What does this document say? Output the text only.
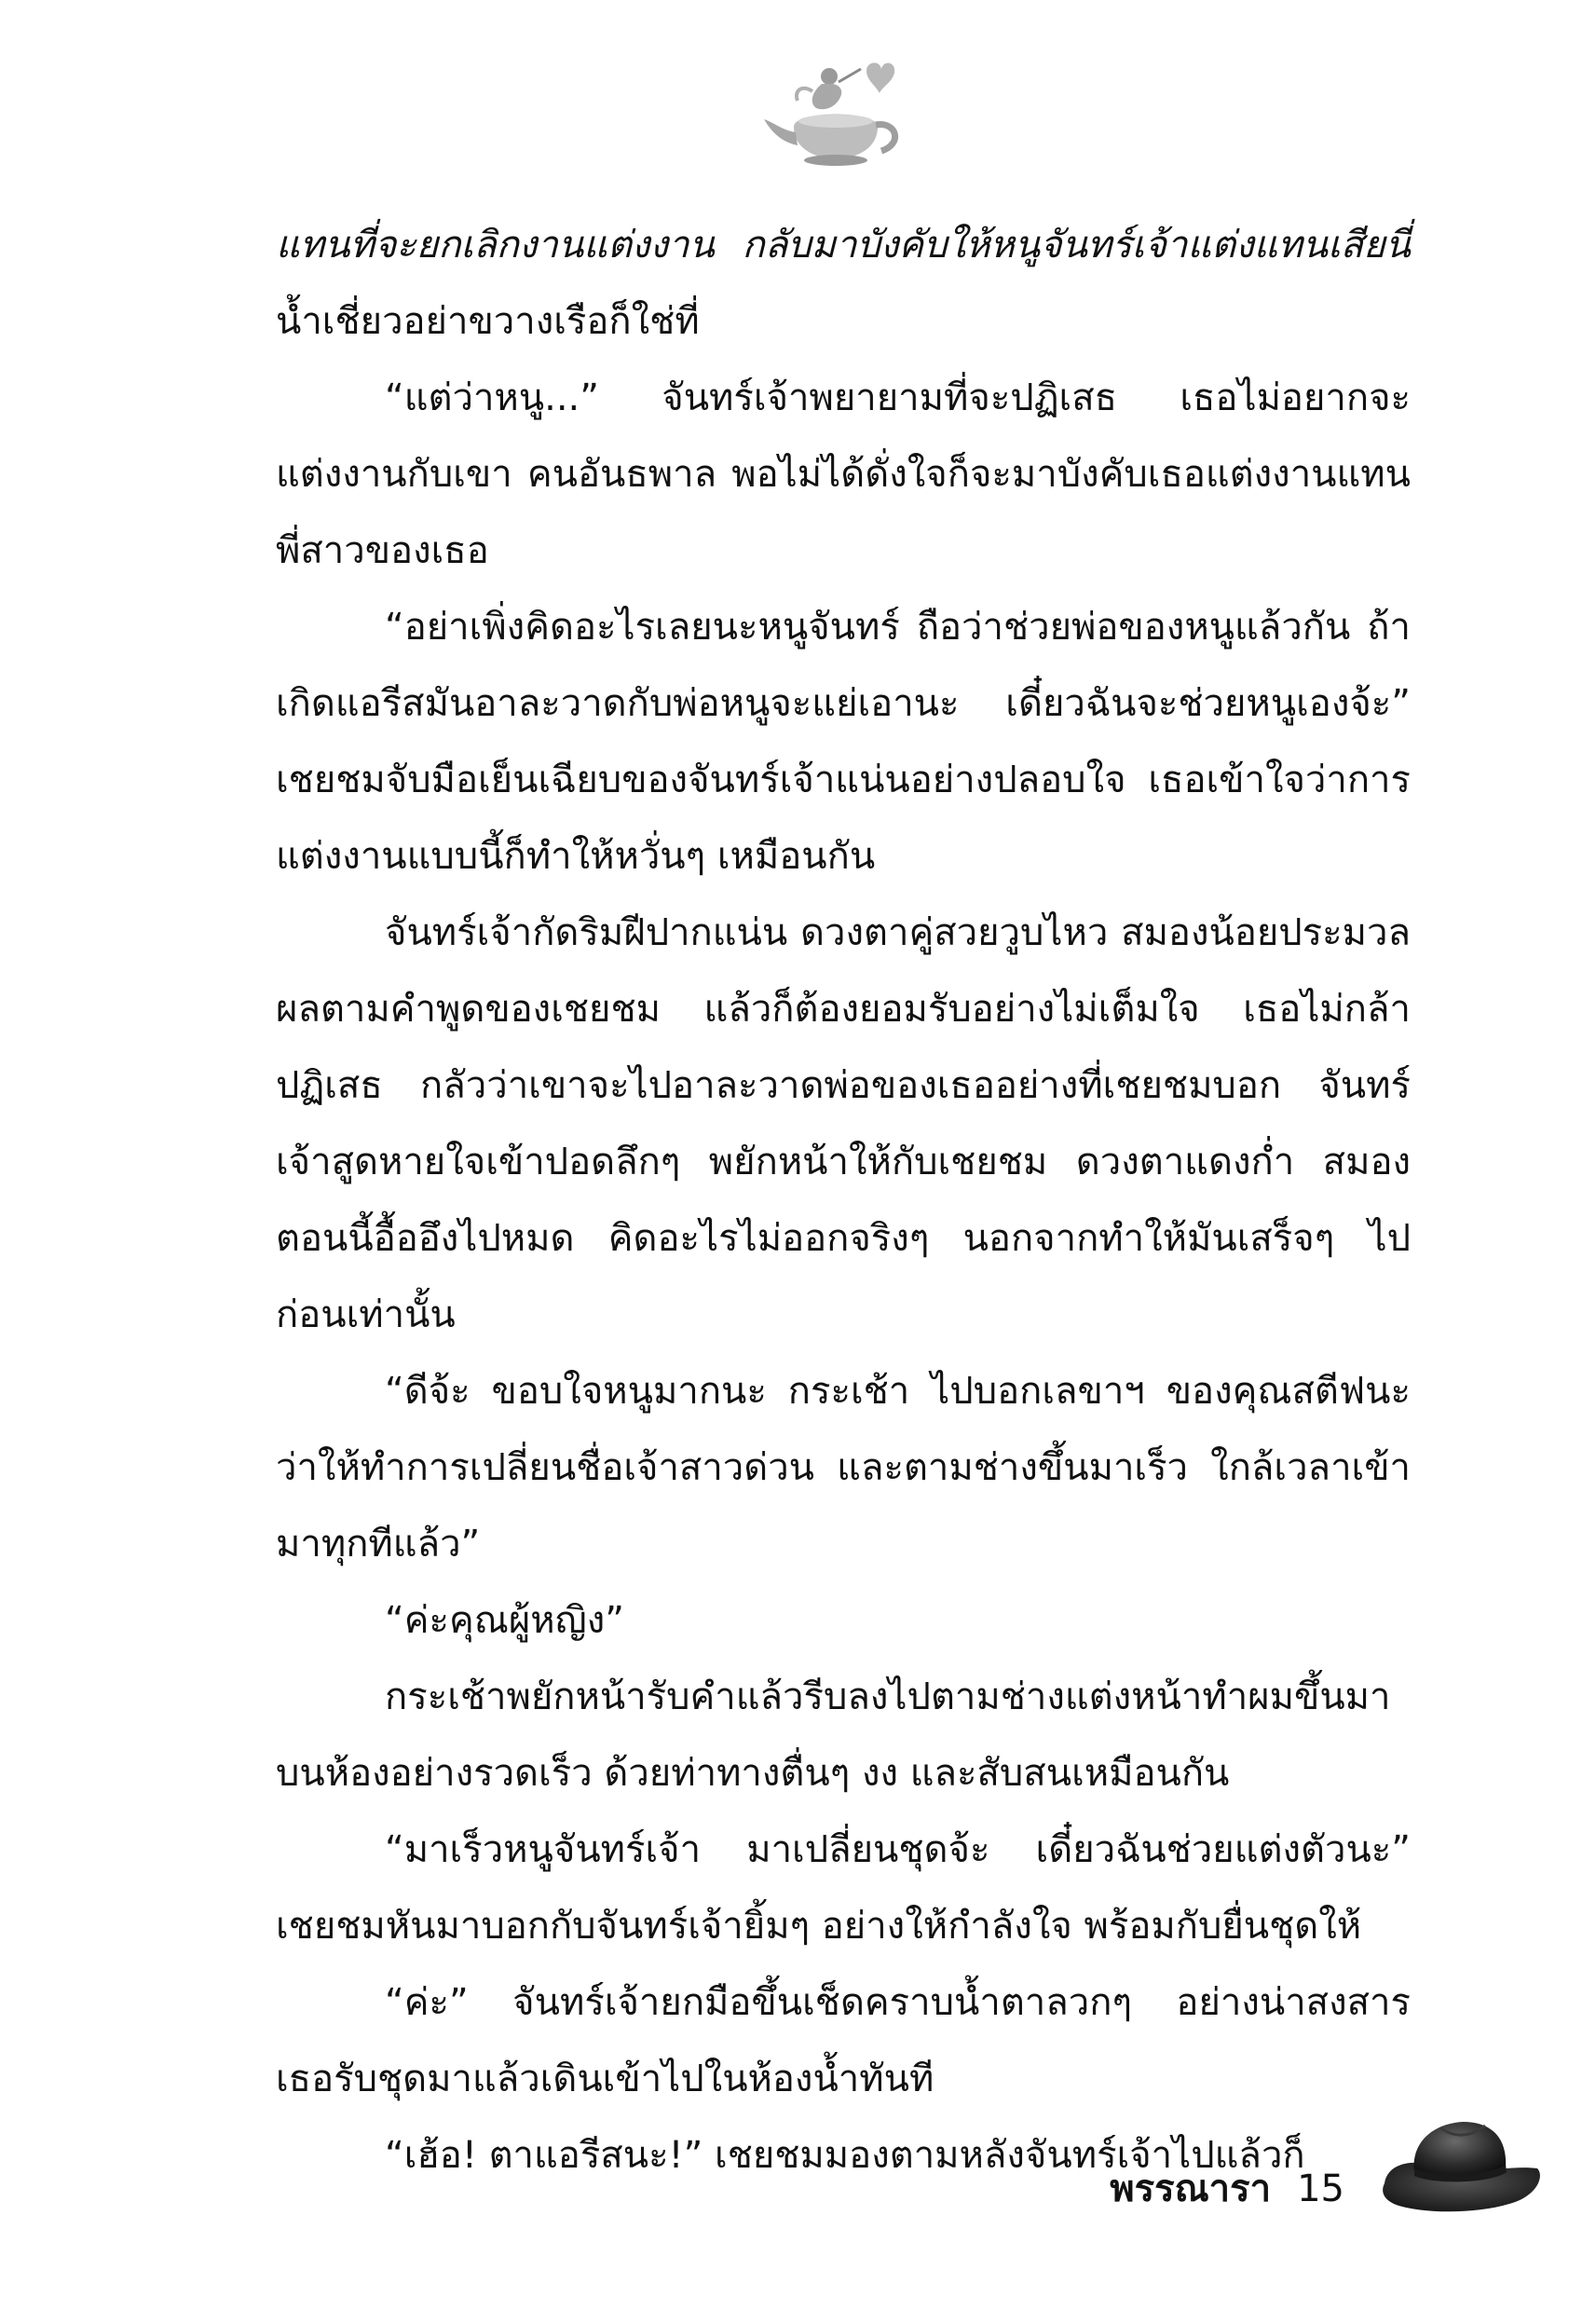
แทนที่จะยกเลิกงานแต่งงาน กลับมาบังคับให้หนูจันทร์เจ้าแต่งแทนเสียนี่ น้ำเชี่ยวอย่าขวางเรือก็ใช่ที่

“แต่ว่าหนู...” จันทร์เจ้าพยายามที่จะปฏิเสธ เธอไม่อยากจะแต่งงานกับเขา คนอันธพาล พอไม่ได้ดั่งใจก็จะมาบังคับเธอแต่งงานแทนพี่สาวของเธอ

“อย่าเพิ่งคิดอะไรเลยนะหนูจันทร์ ถือว่าช่วยพ่อของหนูแล้วกัน ถ้าเกิดแอรีสมันอาละวาดกับพ่อหนูจะแย่เอานะ เดี๋ยวฉันจะช่วยหนูเองจ้ะ” เชยชมจับมือเย็นเฉียบของจันทร์เจ้าแน่นอย่างปลอบใจ เธอเข้าใจว่าการแต่งงานแบบนี้ก็ทำให้หวั่นๆ เหมือนกัน

จันทร์เจ้ากัดริมฝีปากแน่น ดวงตาคู่สวยวูบไหว สมองน้อยประมวลผลตามคำพูดของเชยชม แล้วก็ต้องยอมรับอย่างไม่เต็มใจ เธอไม่กล้าปฏิเสธ กลัวว่าเขาจะไปอาละวาดพ่อของเธออย่างที่เชยชมบอก จันทร์เจ้าสูดหายใจเข้าปอดลึกๆ พยักหน้าให้กับเชยชม ดวงตาแดงก่ำ สมองตอนนี้อื้ออึงไปหมด คิดอะไรไม่ออกจริงๆ นอกจากทำให้มันเสร็จๆ ไปก่อนเท่านั้น

“ดีจ้ะ ขอบใจหนูมากนะ กระเช้า ไปบอกเลขาฯ ของคุณสตีฟนะว่าให้ทำการเปลี่ยนชื่อเจ้าสาวด่วน และตามช่างขึ้นมาเร็ว ใกล้เวลาเข้ามาทุกทีแล้ว”

“ค่ะคุณผู้หญิง”

กระเช้าพยักหน้ารับคำแล้วรีบลงไปตามช่างแต่งหน้าทำผมขึ้นมาบนห้องอย่างรวดเร็ว ด้วยท่าทางตื่นๆ งง และสับสนเหมือนกัน

“มาเร็วหนูจันทร์เจ้า มาเปลี่ยนชุดจ้ะ เดี๋ยวฉันช่วยแต่งตัวนะ” เชยชมหันมาบอกกับจันทร์เจ้ายิ้มๆ อย่างให้กำลังใจ พร้อมกับยื่นชุดให้

“ค่ะ” จันทร์เจ้ายกมือขึ้นเช็ดคราบน้ำตาลวกๆ อย่างน่าสงสาร เธอรับชุดมาแล้วเดินเข้าไปในห้องน้ำทันที

“เฮ้อ! ตาแอรีสนะ!” เชยชมมองตามหลังจันทร์เจ้าไปแล้วก็

พรรณารา 15
